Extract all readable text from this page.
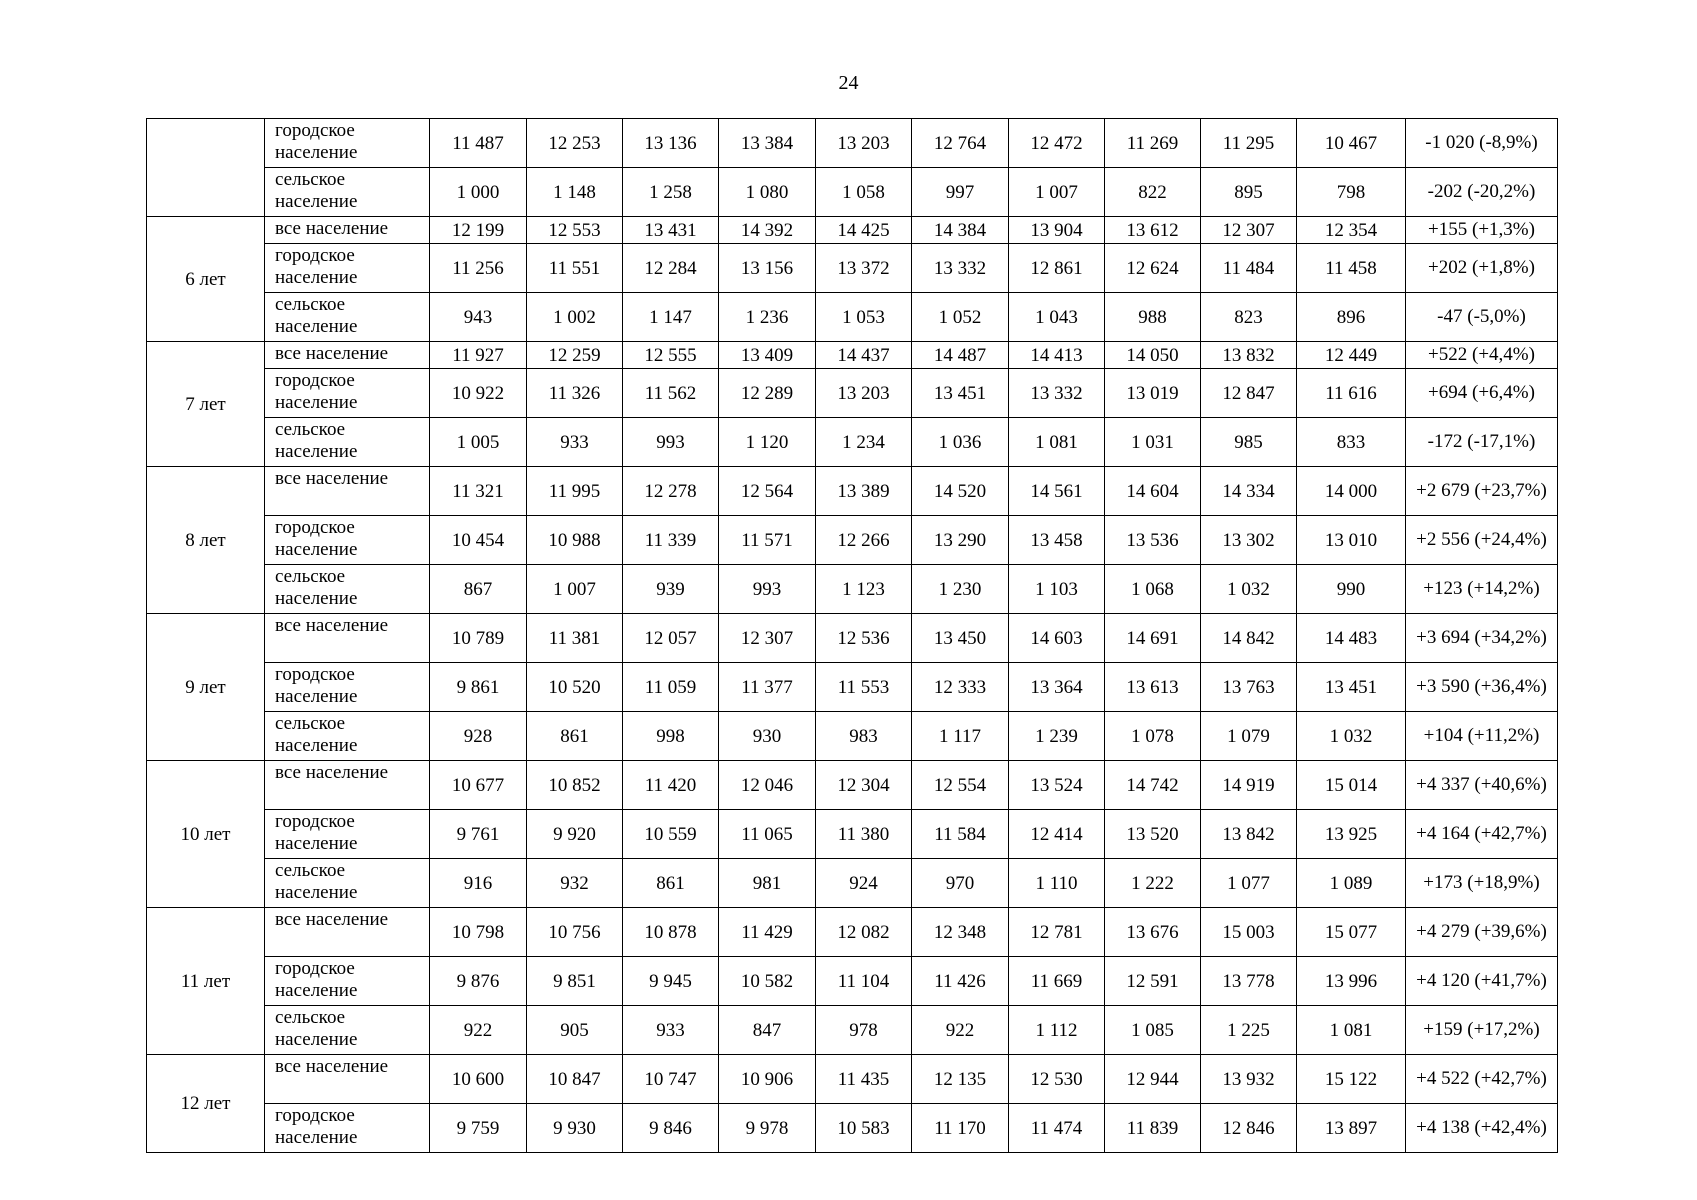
24
	городское население	11 487	12 253	13 136	13 384	13 203	12 764	12 472	11 269	11 295	10 467	-1 020 (-8,9%)
	сельское население	1 000	1 148	1 258	1 080	1 058	997	1 007	822	895	798	-202 (-20,2%)
6 лет	все население	12 199	12 553	13 431	14 392	14 425	14 384	13 904	13 612	12 307	12 354	+155 (+1,3%)
	городское население	11 256	11 551	12 284	13 156	13 372	13 332	12 861	12 624	11 484	11 458	+202 (+1,8%)
	сельское население	943	1 002	1 147	1 236	1 053	1 052	1 043	988	823	896	-47 (-5,0%)
7 лет	все население	11 927	12 259	12 555	13 409	14 437	14 487	14 413	14 050	13 832	12 449	+522 (+4,4%)
	городское население	10 922	11 326	11 562	12 289	13 203	13 451	13 332	13 019	12 847	11 616	+694 (+6,4%)
	сельское население	1 005	933	993	1 120	1 234	1 036	1 081	1 031	985	833	-172 (-17,1%)
8 лет	все население	11 321	11 995	12 278	12 564	13 389	14 520	14 561	14 604	14 334	14 000	+2 679 (+23,7%)
	городское население	10 454	10 988	11 339	11 571	12 266	13 290	13 458	13 536	13 302	13 010	+2 556 (+24,4%)
	сельское население	867	1 007	939	993	1 123	1 230	1 103	1 068	1 032	990	+123 (+14,2%)
9 лет	все население	10 789	11 381	12 057	12 307	12 536	13 450	14 603	14 691	14 842	14 483	+3 694 (+34,2%)
	городское население	9 861	10 520	11 059	11 377	11 553	12 333	13 364	13 613	13 763	13 451	+3 590 (+36,4%)
	сельское население	928	861	998	930	983	1 117	1 239	1 078	1 079	1 032	+104 (+11,2%)
10 лет	все население	10 677	10 852	11 420	12 046	12 304	12 554	13 524	14 742	14 919	15 014	+4 337 (+40,6%)
	городское население	9 761	9 920	10 559	11 065	11 380	11 584	12 414	13 520	13 842	13 925	+4 164 (+42,7%)
	сельское население	916	932	861	981	924	970	1 110	1 222	1 077	1 089	+173 (+18,9%)
11 лет	все население	10 798	10 756	10 878	11 429	12 082	12 348	12 781	13 676	15 003	15 077	+4 279 (+39,6%)
	городское население	9 876	9 851	9 945	10 582	11 104	11 426	11 669	12 591	13 778	13 996	+4 120 (+41,7%)
	сельское население	922	905	933	847	978	922	1 112	1 085	1 225	1 081	+159 (+17,2%)
12 лет	все население	10 600	10 847	10 747	10 906	11 435	12 135	12 530	12 944	13 932	15 122	+4 522 (+42,7%)
	городское население	9 759	9 930	9 846	9 978	10 583	11 170	11 474	11 839	12 846	13 897	+4 138 (+42,4%)
